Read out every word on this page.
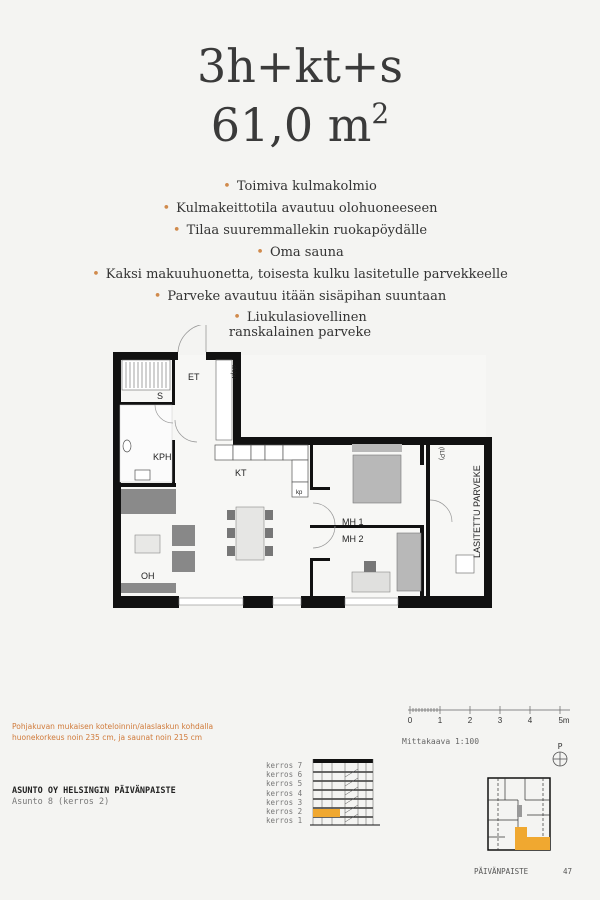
3h+kt+s
61,0 $m^2$
• Toimiva kulmakolmio
• Kulmakeittotila avautuu olohuoneeseen
• Tilaa suuremmallekin ruokapöydälle
• Oma sauna
• Kaksi makuuhuonetta, toisesta kulku lasitetulle parvekkeelle
• Parveke avautuu itään sisäpihan suuntaan
• Liukulasiovellinen
ranskalainen parveke
ET
S
KPH
KT
OH
MH 1
MH 2
kp
sk/pv
(ILP)
LASITETTU PARVEKE
Pohjakuvan mukaisen koteloinnin/alaslaskun kohdalla
huonekorkeus noin 235 cm, ja saunat noin 215 cm
ASUNTO OY HELSINGIN PÄIVÄNPAISTE
Asunto 8 (kerros 2)
kerros 7
kerros 6
kerros 5
kerros 4
kerros 3
kerros 2
kerros 1
0	1	2	3	4	5m
Mittakaava 1:100
P
PÄIVÄNPAISTE	47
